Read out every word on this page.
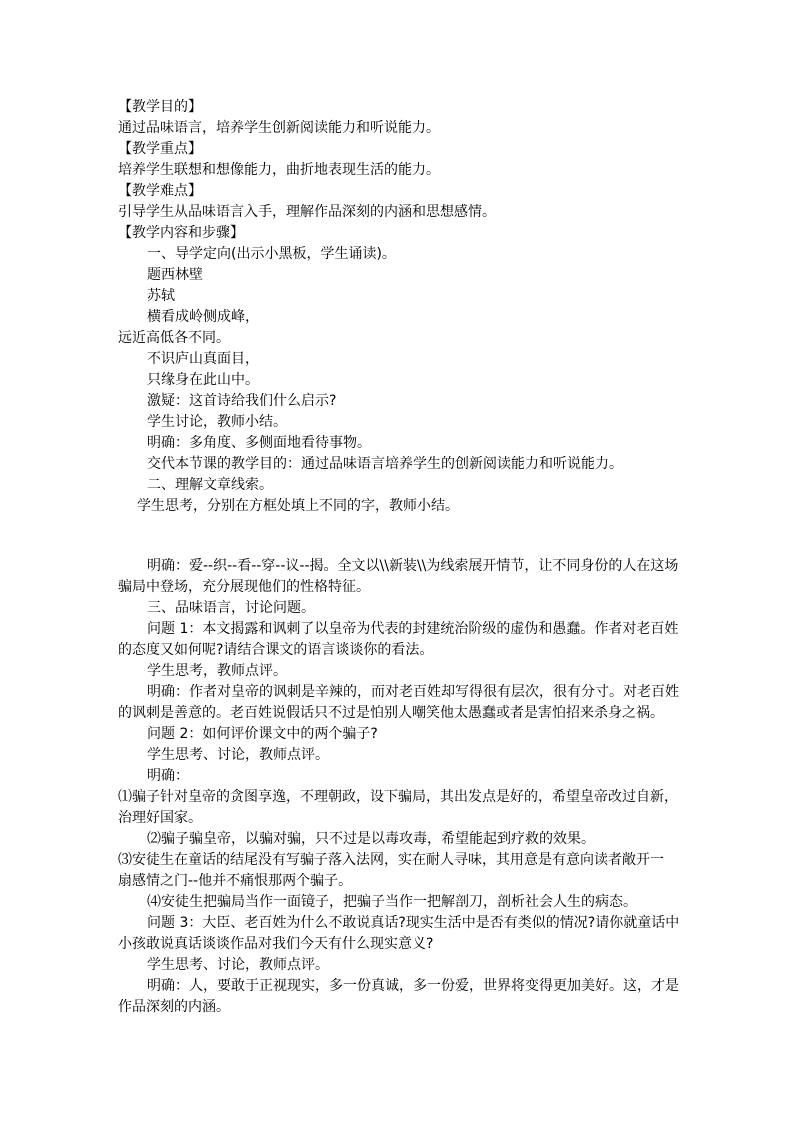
【教学目的】
通过品味语言，培养学生创新阅读能力和听说能力。
【教学重点】
培养学生联想和想像能力，曲折地表现生活的能力。
【教学难点】
引导学生从品味语言入手，理解作品深刻的内涵和思想感情。
【教学内容和步骤】
一、导学定向(出示小黑板，学生诵读)。
题西林壁
苏轼
横看成岭侧成峰，
远近高低各不同。
不识庐山真面目，
只缘身在此山中。
激疑：这首诗给我们什么启示?
学生讨论，教师小结。
明确：多角度、多侧面地看待事物。
交代本节课的教学目的：通过品味语言培养学生的创新阅读能力和听说能力。
二、理解文章线索。
学生思考，分别在方框处填上不同的字，教师小结。
明确：爱--织--看--穿--议--揭。全文以\\新装\\为线索展开情节，让不同身份的人在这场
骗局中登场，充分展现他们的性格特征。
三、品味语言，讨论问题。
问题 1：本文揭露和讽刺了以皇帝为代表的封建统治阶级的虚伪和愚蠢。作者对老百姓
的态度又如何呢?请结合课文的语言谈谈你的看法。
学生思考，教师点评。
明确：作者对皇帝的讽刺是辛辣的，而对老百姓却写得很有层次，很有分寸。对老百姓
的讽刺是善意的。老百姓说假话只不过是怕别人嘲笑他太愚蠢或者是害怕招来杀身之祸。
问题 2：如何评价课文中的两个骗子?
学生思考、讨论，教师点评。
明确：
⑴骗子针对皇帝的贪图享逸，不理朝政，设下骗局，其出发点是好的，希望皇帝改过自新，
治理好国家。
⑵骗子骗皇帝，以骗对骗，只不过是以毒攻毒，希望能起到疗救的效果。
⑶安徒生在童话的结尾没有写骗子落入法网，实在耐人寻味，其用意是有意向读者敞开一
扇感情之门--他并不痛恨那两个骗子。
⑷安徒生把骗局当作一面镜子，把骗子当作一把解剖刀，剖析社会人生的病态。
问题 3：大臣、老百姓为什么不敢说真话?现实生活中是否有类似的情况?请你就童话中
小孩敢说真话谈谈作品对我们今天有什么现实意义?
学生思考、讨论，教师点评。
明确：人，要敢于正视现实，多一份真诚，多一份爱，世界将变得更加美好。这，才是
作品深刻的内涵。
